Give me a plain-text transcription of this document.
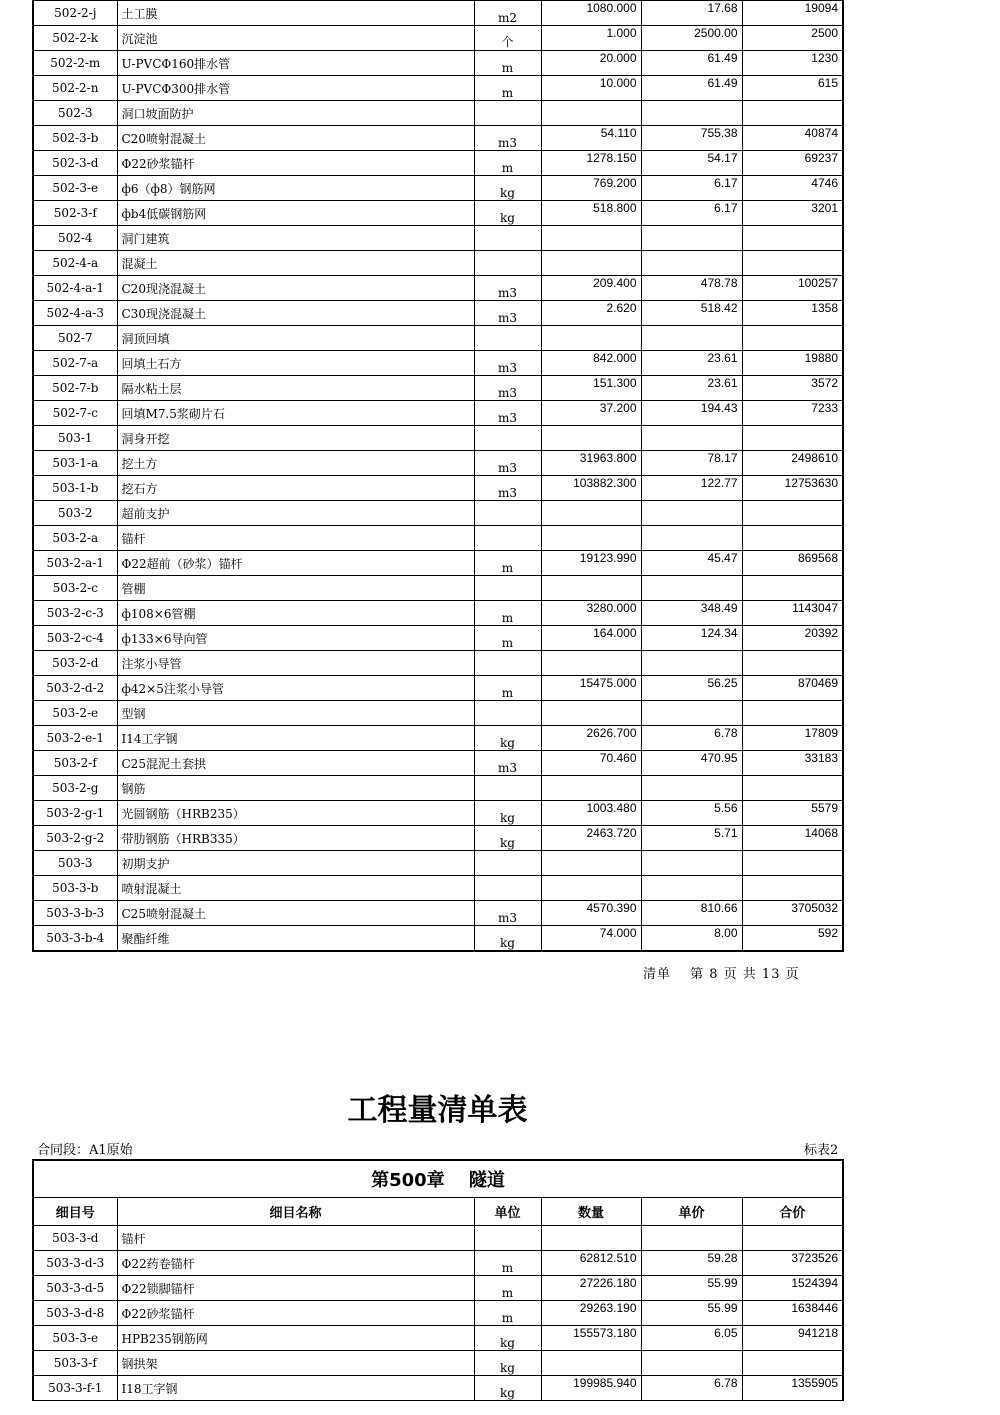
502-2-j	土工膜	m2	1080.000	17.68	19094
502-2-k	沉淀池	个	1.000	2500.00	2500
502-2-m	U-PVCΦ160排水管	m	20.000	61.49	1230
502-2-n	U-PVCΦ300排水管	m	10.000	61.49	615
502-3	洞口坡面防护				
502-3-b	C20喷射混凝土	m3	54.110	755.38	40874
502-3-d	Φ22砂浆锚杆	m	1278.150	54.17	69237
502-3-e	ф6（ф8）钢筋网	kg	769.200	6.17	4746
502-3-f	фb4低碳钢筋网	kg	518.800	6.17	3201
502-4	洞门建筑				
502-4-a	混凝土				
502-4-a-1	C20现浇混凝土	m3	209.400	478.78	100257
502-4-a-3	C30现浇混凝土	m3	2.620	518.42	1358
502-7	洞顶回填				
502-7-a	回填土石方	m3	842.000	23.61	19880
502-7-b	隔水粘土层	m3	151.300	23.61	3572
502-7-c	回填M7.5浆砌片石	m3	37.200	194.43	7233
503-1	洞身开挖				
503-1-a	挖土方	m3	31963.800	78.17	2498610
503-1-b	挖石方	m3	103882.300	122.77	12753630
503-2	超前支护				
503-2-a	锚杆				
503-2-a-1	Φ22超前（砂浆）锚杆	m	19123.990	45.47	869568
503-2-c	管棚				
503-2-c-3	ф108×6管棚	m	3280.000	348.49	1143047
503-2-c-4	ф133×6导向管	m	164.000	124.34	20392
503-2-d	注浆小导管				
503-2-d-2	ф42×5注浆小导管	m	15475.000	56.25	870469
503-2-e	型钢				
503-2-e-1	I14工字钢	kg	2626.700	6.78	17809
503-2-f	C25混泥土套拱	m3	70.460	470.95	33183
503-2-g	钢筋				
503-2-g-1	光圆钢筋（HRB235）	kg	1003.480	5.56	5579
503-2-g-2	带肋钢筋（HRB335）	kg	2463.720	5.71	14068
503-3	初期支护				
503-3-b	喷射混凝土				
503-3-b-3	C25喷射混凝土	m3	4570.390	810.66	3705032
503-3-b-4	聚酯纤维	kg	74.000	8.00	592
清单　 第 8 页 共 13 页
工程量清单表
合同段：A1原始	标表2
第500章　 隧道					
细目号	细目名称	单位	数量	单价	合价
503-3-d	锚杆				
503-3-d-3	Φ22药卷锚杆	m	62812.510	59.28	3723526
503-3-d-5	Φ22锁脚锚杆	m	27226.180	55.99	1524394
503-3-d-8	Φ22砂浆锚杆	m	29263.190	55.99	1638446
503-3-e	HPB235钢筋网	kg	155573.180	6.05	941218
503-3-f	钢拱架	kg			
503-3-f-1	I18工字钢	kg	199985.940	6.78	1355905
